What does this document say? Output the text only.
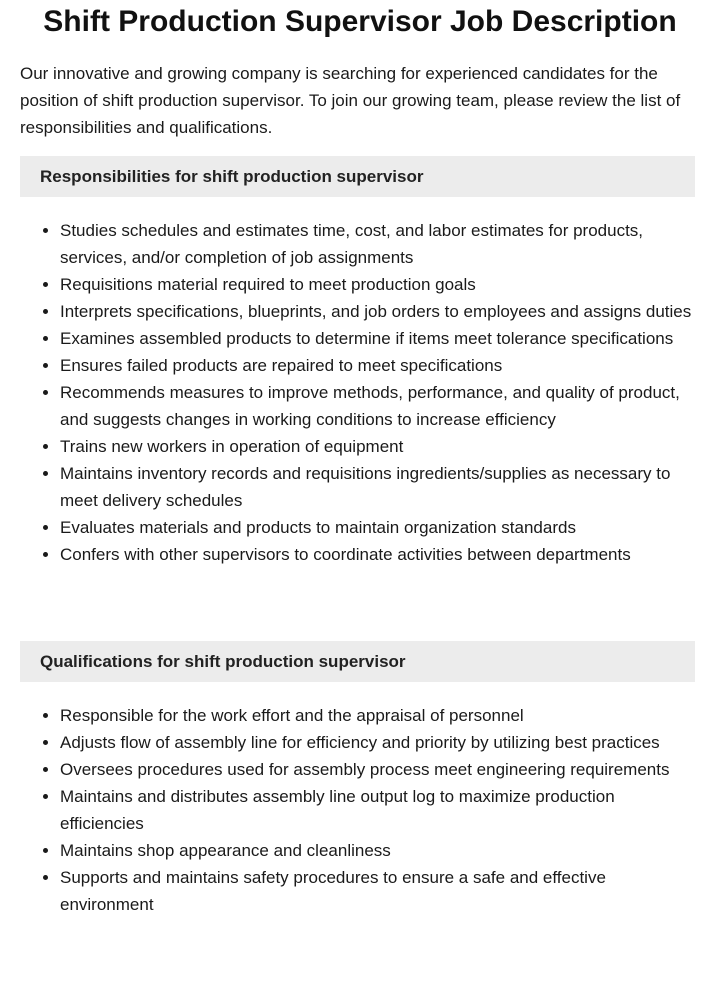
Shift Production Supervisor Job Description

Our innovative and growing company is searching for experienced candidates for the position of shift production supervisor. To join our growing team, please review the list of responsibilities and qualifications.

Responsibilities for shift production supervisor
• Studies schedules and estimates time, cost, and labor estimates for products, services, and/or completion of job assignments
• Requisitions material required to meet production goals
• Interprets specifications, blueprints, and job orders to employees and assigns duties
• Examines assembled products to determine if items meet tolerance specifications
• Ensures failed products are repaired to meet specifications
• Recommends measures to improve methods, performance, and quality of product, and suggests changes in working conditions to increase efficiency
• Trains new workers in operation of equipment
• Maintains inventory records and requisitions ingredients/supplies as necessary to meet delivery schedules
• Evaluates materials and products to maintain organization standards
• Confers with other supervisors to coordinate activities between departments
Qualifications for shift production supervisor
• Responsible for the work effort and the appraisal of personnel
• Adjusts flow of assembly line for efficiency and priority by utilizing best practices
• Oversees procedures used for assembly process meet engineering requirements
• Maintains and distributes assembly line output log to maximize production efficiencies
• Maintains shop appearance and cleanliness
• Supports and maintains safety procedures to ensure a safe and effective environment
